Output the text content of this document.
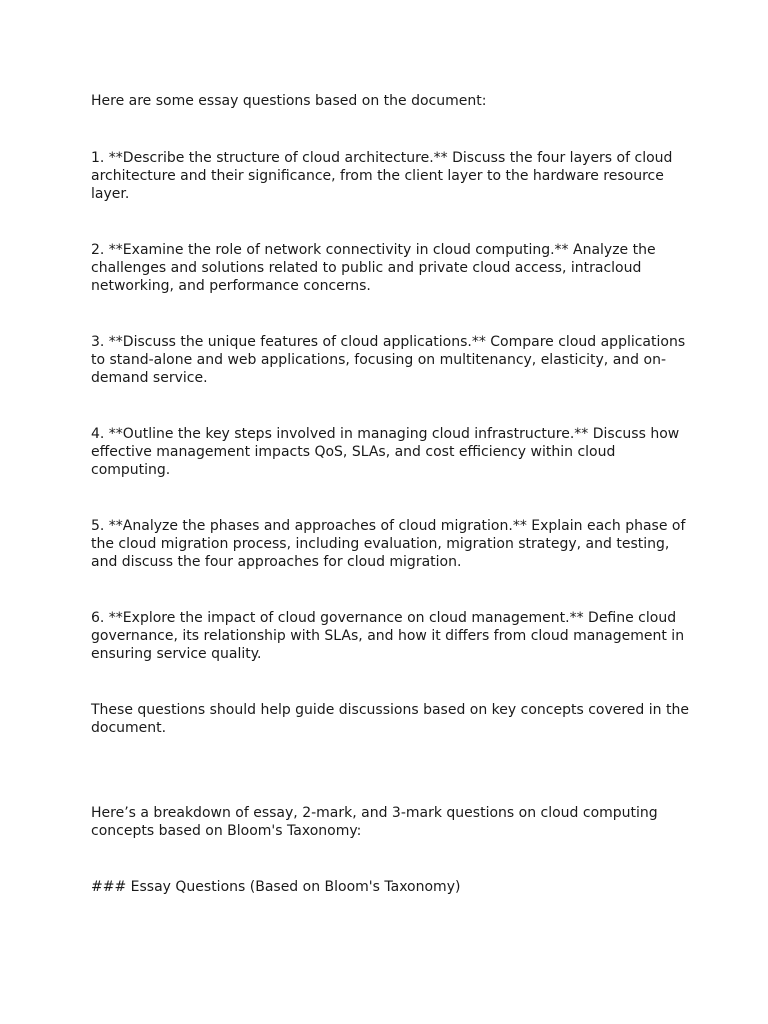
Here are some essay questions based on the document:

1. **Describe the structure of cloud architecture.** Discuss the four layers of cloud architecture and their significance, from the client layer to the hardware resource layer.

2. **Examine the role of network connectivity in cloud computing.** Analyze the challenges and solutions related to public and private cloud access, intracloud networking, and performance concerns.

3. **Discuss the unique features of cloud applications.** Compare cloud applications to stand-alone and web applications, focusing on multitenancy, elasticity, and on-demand service.

4. **Outline the key steps involved in managing cloud infrastructure.** Discuss how effective management impacts QoS, SLAs, and cost efficiency within cloud computing.

5. **Analyze the phases and approaches of cloud migration.** Explain each phase of the cloud migration process, including evaluation, migration strategy, and testing, and discuss the four approaches for cloud migration.

6. **Explore the impact of cloud governance on cloud management.** Define cloud governance, its relationship with SLAs, and how it differs from cloud management in ensuring service quality.

These questions should help guide discussions based on key concepts covered in the document.

Here’s a breakdown of essay, 2-mark, and 3-mark questions on cloud computing concepts based on Bloom's Taxonomy:

### Essay Questions (Based on Bloom's Taxonomy)
